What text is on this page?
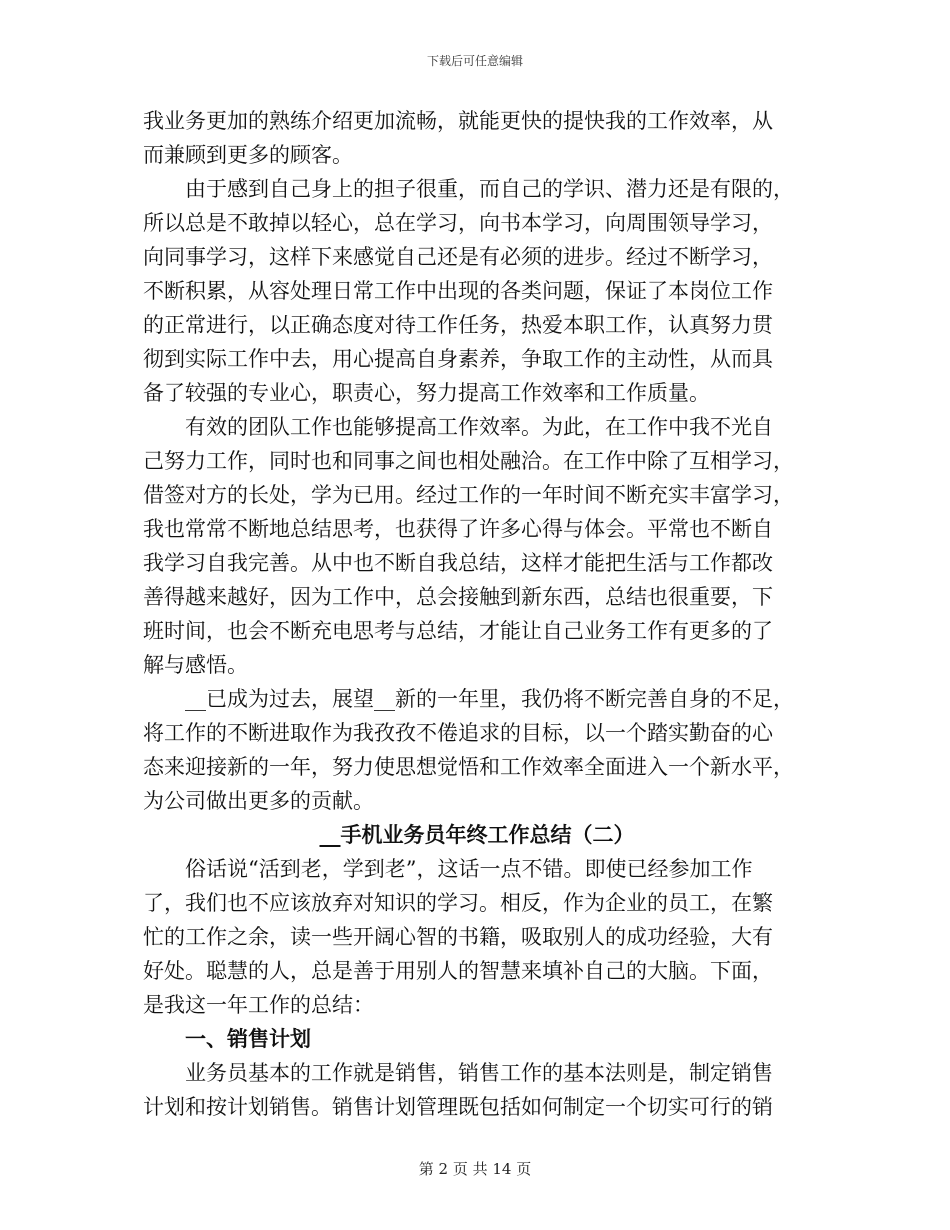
下载后可任意编辑
我业务更加的熟练介绍更加流畅，就能更快的提快我的工作效率，从
而兼顾到更多的顾客。
由于感到自己身上的担子很重，而自己的学识、潜力还是有限的，
所以总是不敢掉以轻心，总在学习，向书本学习，向周围领导学习，
向同事学习，这样下来感觉自己还是有必须的进步。经过不断学习，
不断积累，从容处理日常工作中出现的各类问题，保证了本岗位工作
的正常进行，以正确态度对待工作任务，热爱本职工作，认真努力贯
彻到实际工作中去，用心提高自身素养，争取工作的主动性，从而具
备了较强的专业心，职责心，努力提高工作效率和工作质量。
有效的团队工作也能够提高工作效率。为此，在工作中我不光自
己努力工作，同时也和同事之间也相处融洽。在工作中除了互相学习，
借签对方的长处，学为已用。经过工作的一年时间不断充实丰富学习，
我也常常不断地总结思考，也获得了许多心得与体会。平常也不断自
我学习自我完善。从中也不断自我总结，这样才能把生活与工作都改
善得越来越好，因为工作中，总会接触到新东西，总结也很重要，下
班时间，也会不断充电思考与总结，才能让自己业务工作有更多的了
解与感悟。
__已成为过去，展望__新的一年里，我仍将不断完善自身的不足，
将工作的不断进取作为我孜孜不倦追求的目标，以一个踏实勤奋的心
态来迎接新的一年，努力使思想觉悟和工作效率全面进入一个新水平，
为公司做出更多的贡献。
__手机业务员年终工作总结（二）
俗话说“活到老，学到老”，这话一点不错。即使已经参加工作
了，我们也不应该放弃对知识的学习。相反，作为企业的员工，在繁
忙的工作之余，读一些开阔心智的书籍，吸取别人的成功经验，大有
好处。聪慧的人，总是善于用别人的智慧来填补自己的大脑。下面，
是我这一年工作的总结：
一、销售计划
业务员基本的工作就是销售，销售工作的基本法则是，制定销售
计划和按计划销售。销售计划管理既包括如何制定一个切实可行的销
第 2 页 共 14 页
